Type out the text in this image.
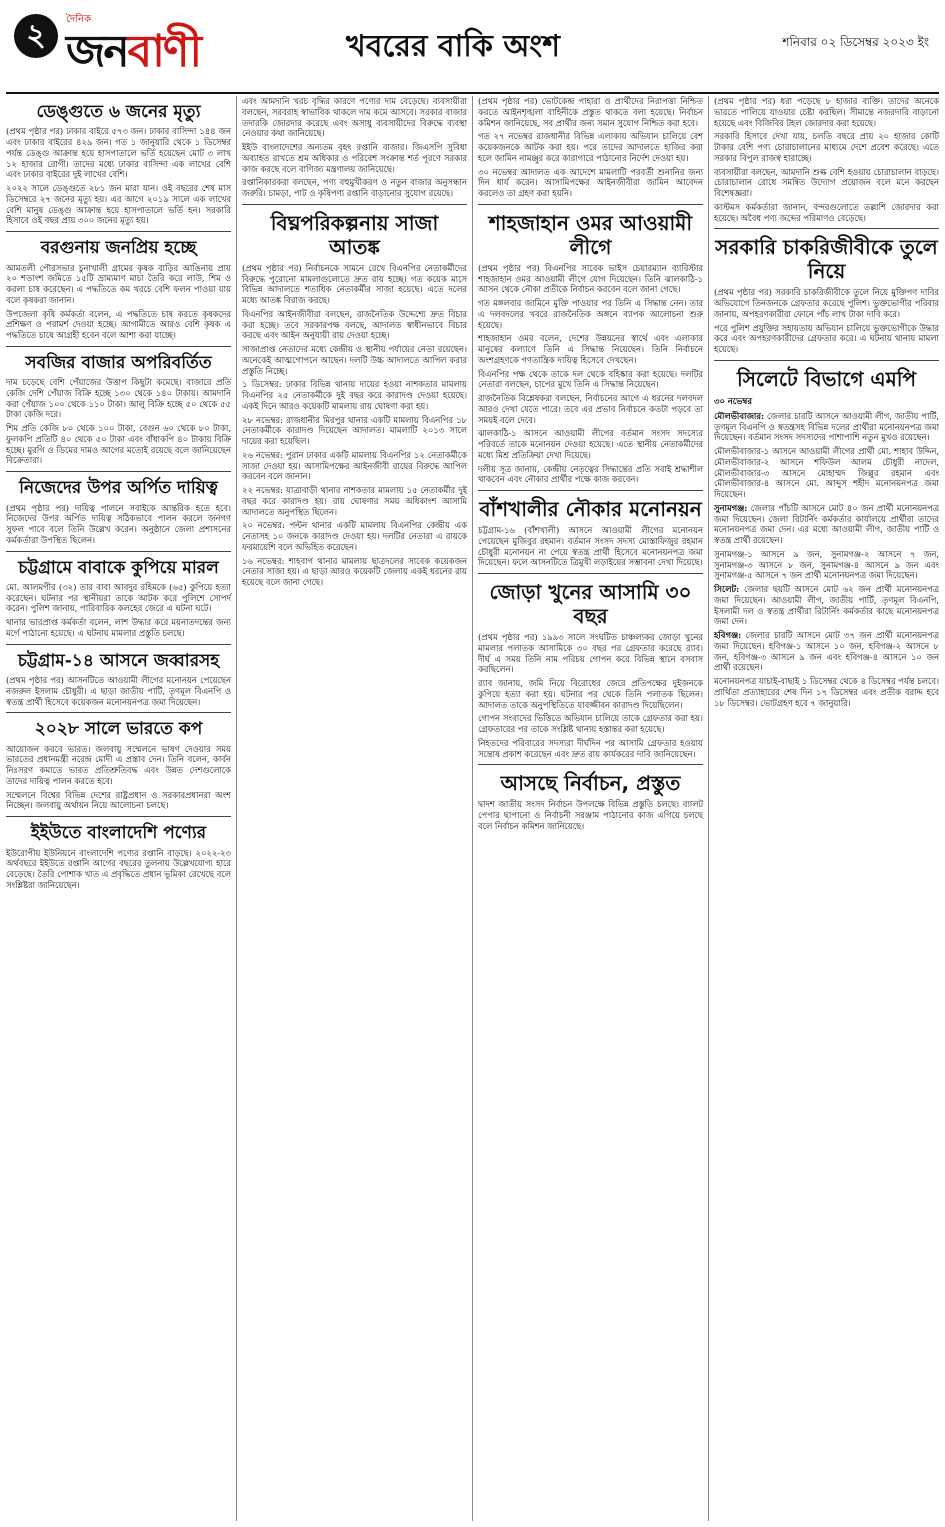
২	দৈনিক
জনবাণী	খবরের বাকি অংশ	শনিবার ০২ ডিসেম্বর ২০২৩ ইং
ডেঙ্গুতে ৬ জনের মৃত্যু

(প্রথম পৃষ্ঠার পর) ঢাকার বাইরে ৫৭৩ জন। ঢাকার বাসিন্দা ১৪৪ জন এবং ঢাকার বাইরের ৪২৯ জন। গত ১ জানুয়ারি থেকে ১ ডিসেম্বর পর্যন্ত ডেঙ্গু আক্রান্ত হয়ে হাসপাতালে ভর্তি হয়েছেন মোট ৩ লাখ ১২ হাজার রোগী। তাদের মধ্যে ঢাকার বাসিন্দা এক লাখের বেশি এবং ঢাকার বাইরের দুই লাখের বেশি।

২০২২ সালে ডেঙ্গুতে ২৮১ জন মারা যান। ওই বছরের শেষ মাস ডিসেম্বরে ২৭ জনের মৃত্যু হয়। এর আগে ২০১৯ সালে এক লাখের বেশি মানুষ ডেঙ্গু আক্রান্ত হয়ে হাসপাতালে ভর্তি হন। সরকারি হিসাবে ওই বছর প্রায় ৩০০ জনের মৃত্যু হয়।

বরগুনায় জনপ্রিয় হচ্ছে

আমতলী পৌরসভার চুনাখালী গ্রামের কৃষক বাড়ির আঙিনায় প্রায় ২০ শতাংশ জমিতে ১৫টি ভ্রাম্যমাণ মাচা তৈরি করে লাউ, শিম ও করলা চাষ করেছেন। এ পদ্ধতিতে কম খরচে বেশি ফলন পাওয়া যায় বলে কৃষকরা জানান।

উপজেলা কৃষি কর্মকর্তা বলেন, এ পদ্ধতিতে চাষ করতে কৃষকদের প্রশিক্ষণ ও পরামর্শ দেওয়া হচ্ছে। আগামীতে আরও বেশি কৃষক এ পদ্ধতিতে চাষে আগ্রহী হবেন বলে আশা করা যাচ্ছে।

সবজির বাজার অপরিবর্তিত

দাম চড়েছে বেশি পেঁয়াজের উত্তাপ কিছুটা কমেছে। বাজারে প্রতি কেজি দেশি পেঁয়াজ বিক্রি হচ্ছে ১৩০ থেকে ১৪০ টাকায়। আমদানি করা পেঁয়াজ ১০০ থেকে ১১০ টাকা। আলু বিক্রি হচ্ছে ৫০ থেকে ৫৫ টাকা কেজি দরে।

শিম প্রতি কেজি ৮০ থেকে ১০০ টাকা, বেগুন ৬০ থেকে ৮০ টাকা, ফুলকপি প্রতিটি ৪০ থেকে ৫০ টাকা এবং বাঁধাকপি ৪০ টাকায় বিক্রি হচ্ছে। মুরগি ও ডিমের দামও আগের মতোই রয়েছে বলে জানিয়েছেন বিক্রেতারা।

নিজেদের উপর অর্পিত দায়িত্ব

(প্রথম পৃষ্ঠার পর) দায়িত্ব পালনে সবাইকে আন্তরিক হতে হবে। নিজেদের উপর অর্পিত দায়িত্ব সঠিকভাবে পালন করলে জনগণ সুফল পাবে বলে তিনি উল্লেখ করেন। অনুষ্ঠানে জেলা প্রশাসনের কর্মকর্তারা উপস্থিত ছিলেন।

চট্টগ্রামে বাবাকে কুপিয়ে মারল

মো. আলমগীর (৩২) তার বাবা আবদুর রহিমকে (৬৫) কুপিয়ে হত্যা করেছেন। ঘটনার পর স্থানীয়রা তাকে আটক করে পুলিশে সোপর্দ করেন। পুলিশ জানায়, পারিবারিক কলহের জেরে এ ঘটনা ঘটে।

থানার ভারপ্রাপ্ত কর্মকর্তা বলেন, লাশ উদ্ধার করে ময়নাতদন্তের জন্য মর্গে পাঠানো হয়েছে। এ ঘটনায় মামলার প্রস্তুতি চলছে।

চট্টগ্রাম-১৪ আসনে জব্বারসহ

(প্রথম পৃষ্ঠার পর) আসনটিতে আওয়ামী লীগের মনোনয়ন পেয়েছেন নজরুল ইসলাম চৌধুরী। এ ছাড়া জাতীয় পার্টি, তৃণমূল বিএনপি ও স্বতন্ত্র প্রার্থী হিসেবে কয়েকজন মনোনয়নপত্র জমা দিয়েছেন।

২০২৮ সালে ভারতে কপ

আয়োজন করবে ভারত। জলবায়ু সম্মেলনে ভাষণ দেওয়ার সময় ভারতের প্রধানমন্ত্রী নরেন্দ্র মোদী এ প্রস্তাব দেন। তিনি বলেন, কার্বন নিঃসরণ কমাতে ভারত প্রতিশ্রুতিবদ্ধ এবং উন্নত দেশগুলোকে তাদের দায়িত্ব পালন করতে হবে।

সম্মেলনে বিশ্বের বিভিন্ন দেশের রাষ্ট্রপ্রধান ও সরকারপ্রধানরা অংশ নিচ্ছেন। জলবায়ু অর্থায়ন নিয়ে আলোচনা চলছে।

ইইউতে বাংলাদেশি পণ্যের

ইউরোপীয় ইউনিয়নে বাংলাদেশি পণ্যের রপ্তানি বাড়ছে। ২০২২-২৩ অর্থবছরে ইইউতে রপ্তানি আগের বছরের তুলনায় উল্লেখযোগ্য হারে বেড়েছে। তৈরি পোশাক খাত এ প্রবৃদ্ধিতে প্রধান ভূমিকা রেখেছে বলে সংশ্লিষ্টরা জানিয়েছেন।

এবং আমদানি খরচ বৃদ্ধির কারণে পণ্যের দাম বেড়েছে। ব্যবসায়ীরা বলছেন, সরবরাহ স্বাভাবিক থাকলে দাম কমে আসবে। সরকার বাজার তদারকি জোরদার করেছে এবং অসাধু ব্যবসায়ীদের বিরুদ্ধে ব্যবস্থা নেওয়ার কথা জানিয়েছে।

ইইউ বাংলাদেশের অন্যতম বৃহৎ রপ্তানি বাজার। জিএসপি সুবিধা অব্যাহত রাখতে শ্রম অধিকার ও পরিবেশ সংক্রান্ত শর্ত পূরণে সরকার কাজ করছে বলে বাণিজ্য মন্ত্রণালয় জানিয়েছে।

রপ্তানিকারকরা বলছেন, পণ্য বহুমুখীকরণ ও নতুন বাজার অনুসন্ধান জরুরি। চামড়া, পাট ও কৃষিপণ্য রপ্তানি বাড়ানোর সুযোগ রয়েছে।

বিঘ্নপরিকল্পনায় সাজা আতঙ্ক

(প্রথম পৃষ্ঠার পর) নির্বাচনকে সামনে রেখে বিএনপির নেতাকর্মীদের বিরুদ্ধে পুরোনো মামলাগুলোতে দ্রুত রায় হচ্ছে। গত কয়েক মাসে বিভিন্ন আদালতে শতাধিক নেতাকর্মীর সাজা হয়েছে। এতে দলের মধ্যে আতঙ্ক বিরাজ করছে।

বিএনপির আইনজীবীরা বলছেন, রাজনৈতিক উদ্দেশ্যে দ্রুত বিচার করা হচ্ছে। তবে সরকারপক্ষ বলছে, আদালত স্বাধীনভাবে বিচার করছে এবং আইন অনুযায়ী রায় দেওয়া হচ্ছে।

সাজাপ্রাপ্ত নেতাদের মধ্যে কেন্দ্রীয় ও স্থানীয় পর্যায়ের নেতা রয়েছেন। অনেকেই আত্মগোপনে আছেন। দলটি উচ্চ আদালতে আপিল করার প্রস্তুতি নিচ্ছে।

১ ডিসেম্বর: ঢাকার বিভিন্ন থানায় দায়ের হওয়া নাশকতার মামলায় বিএনপির ২৫ নেতাকর্মীকে দুই বছর করে কারাদণ্ড দেওয়া হয়েছে। একই দিনে আরও কয়েকটি মামলায় রায় ঘোষণা করা হয়।

২৮ নভেম্বর: রাজধানীর মিরপুর থানার একটি মামলায় বিএনপির ১৮ নেতাকর্মীকে কারাদণ্ড দিয়েছেন আদালত। মামলাটি ২০১৩ সালে দায়ের করা হয়েছিল।

২৬ নভেম্বর: পুরান ঢাকার একটি মামলায় বিএনপির ১২ নেতাকর্মীকে সাজা দেওয়া হয়। আসামিপক্ষের আইনজীবী রায়ের বিরুদ্ধে আপিল করবেন বলে জানান।

২২ নভেম্বর: যাত্রাবাড়ী থানার নাশকতার মামলায় ১৫ নেতাকর্মীর দুই বছর করে কারাদণ্ড হয়। রায় ঘোষণার সময় অধিকাংশ আসামি আদালতে অনুপস্থিত ছিলেন।

২০ নভেম্বর: পল্টন থানার একটি মামলায় বিএনপির কেন্দ্রীয় এক নেতাসহ ১০ জনকে কারাদণ্ড দেওয়া হয়। দলটির নেতারা এ রায়কে ফরমায়েশি বলে অভিহিত করেছেন।

১৬ নভেম্বর: শাহবাগ থানার মামলায় ছাত্রদলের সাবেক কয়েকজন নেতার সাজা হয়। এ ছাড়া আরও কয়েকটি জেলায় একই ধরনের রায় হয়েছে বলে জানা গেছে।

(প্রথম পৃষ্ঠার পর) ভোটকেন্দ্র পাহারা ও প্রার্থীদের নিরাপত্তা নিশ্চিত করতে আইনশৃঙ্খলা বাহিনীকে প্রস্তুত থাকতে বলা হয়েছে। নির্বাচন কমিশন জানিয়েছে, সব প্রার্থীর জন্য সমান সুযোগ নিশ্চিত করা হবে।

গত ২৭ নভেম্বর রাজধানীর বিভিন্ন এলাকায় অভিযান চালিয়ে বেশ কয়েকজনকে আটক করা হয়। পরে তাদের আদালতে হাজির করা হলে জামিন নামঞ্জুর করে কারাগারে পাঠানোর নির্দেশ দেওয়া হয়।

৩০ নভেম্বর আদালত এক আদেশে মামলাটি পরবর্তী শুনানির জন্য দিন ধার্য করেন। আসামিপক্ষের আইনজীবীরা জামিন আবেদন করলেও তা গ্রহণ করা হয়নি।

শাহজাহান ওমর আওয়ামী লীগে

(প্রথম পৃষ্ঠার পর) বিএনপির সাবেক ভাইস চেয়ারম্যান ব্যারিস্টার শাহজাহান ওমর আওয়ামী লীগে যোগ দিয়েছেন। তিনি ঝালকাঠি-১ আসন থেকে নৌকা প্রতীকে নির্বাচন করবেন বলে জানা গেছে।

গত মঙ্গলবার জামিনে মুক্তি পাওয়ার পর তিনি এ সিদ্ধান্ত নেন। তার এ দলবদলের খবরে রাজনৈতিক অঙ্গনে ব্যাপক আলোচনা শুরু হয়েছে।

শাহজাহান ওমর বলেন, দেশের উন্নয়নের স্বার্থে এবং এলাকার মানুষের কল্যাণে তিনি এ সিদ্ধান্ত নিয়েছেন। তিনি নির্বাচনে অংশগ্রহণকে গণতান্ত্রিক দায়িত্ব হিসেবে দেখছেন।

বিএনপির পক্ষ থেকে তাকে দল থেকে বহিষ্কার করা হয়েছে। দলটির নেতারা বলছেন, চাপের মুখে তিনি এ সিদ্ধান্ত নিয়েছেন।

রাজনৈতিক বিশ্লেষকরা বলছেন, নির্বাচনের আগে এ ধরনের দলবদল আরও দেখা যেতে পারে। তবে এর প্রভাব নির্বাচনে কতটা পড়বে তা সময়ই বলে দেবে।

ঝালকাঠি-১ আসনে আওয়ামী লীগের বর্তমান সংসদ সদস্যের পরিবর্তে তাকে মনোনয়ন দেওয়া হয়েছে। এতে স্থানীয় নেতাকর্মীদের মধ্যে মিশ্র প্রতিক্রিয়া দেখা দিয়েছে।

দলীয় সূত্র জানায়, কেন্দ্রীয় নেতৃত্বের সিদ্ধান্তের প্রতি সবাই শ্রদ্ধাশীল থাকবেন এবং নৌকার প্রার্থীর পক্ষে কাজ করবেন।

বাঁশখালীর নৌকার মনোনয়ন

চট্টগ্রাম-১৬ (বাঁশখালী) আসনে আওয়ামী লীগের মনোনয়ন পেয়েছেন মুজিবুর রহমান। বর্তমান সংসদ সদস্য মোস্তাফিজুর রহমান চৌধুরী মনোনয়ন না পেয়ে স্বতন্ত্র প্রার্থী হিসেবে মনোনয়নপত্র জমা দিয়েছেন। ফলে আসনটিতে ত্রিমুখী লড়াইয়ের সম্ভাবনা দেখা দিয়েছে।

জোড়া খুনের আসামি ৩০ বছর

(প্রথম পৃষ্ঠার পর) ১৯৯৩ সালে সংঘটিত চাঞ্চল্যকর জোড়া খুনের মামলার পলাতক আসামিকে ৩০ বছর পর গ্রেফতার করেছে র‌্যাব। দীর্ঘ এ সময় তিনি নাম পরিচয় গোপন করে বিভিন্ন স্থানে বসবাস করছিলেন।

র‌্যাব জানায়, জমি নিয়ে বিরোধের জেরে প্রতিপক্ষের দুইজনকে কুপিয়ে হত্যা করা হয়। ঘটনার পর থেকে তিনি পলাতক ছিলেন। আদালত তাকে অনুপস্থিতিতে যাবজ্জীবন কারাদণ্ড দিয়েছিলেন।

গোপন সংবাদের ভিত্তিতে অভিযান চালিয়ে তাকে গ্রেফতার করা হয়। গ্রেফতারের পর তাকে সংশ্লিষ্ট থানায় হস্তান্তর করা হয়েছে।

নিহতদের পরিবারের সদস্যরা দীর্ঘদিন পর আসামি গ্রেফতার হওয়ায় সন্তোষ প্রকাশ করেছেন এবং দ্রুত রায় কার্যকরের দাবি জানিয়েছেন।

আসছে নির্বাচন, প্রস্তুত

দ্বাদশ জাতীয় সংসদ নির্বাচন উপলক্ষে বিভিন্ন প্রস্তুতি চলছে। ব্যালট পেপার ছাপানো ও নির্বাচনী সরঞ্জাম পাঠানোর কাজ এগিয়ে চলছে বলে নির্বাচন কমিশন জানিয়েছে।

(প্রথম পৃষ্ঠার পর) ধরা পড়েছে ৮ হাজার ব্যক্তি। তাদের অনেকে ভারতে পালিয়ে যাওয়ার চেষ্টা করছিল। সীমান্তে নজরদারি বাড়ানো হয়েছে এবং বিজিবির টহল জোরদার করা হয়েছে।

সরকারি হিসাবে দেখা যায়, চলতি বছরে প্রায় ২০ হাজার কোটি টাকার বেশি পণ্য চোরাচালানের মাধ্যমে দেশে প্রবেশ করেছে। এতে সরকার বিপুল রাজস্ব হারাচ্ছে।

ব্যবসায়ীরা বলছেন, আমদানি শুল্ক বেশি হওয়ায় চোরাচালান বাড়ছে। চোরাচালান রোধে সমন্বিত উদ্যোগ প্রয়োজন বলে মনে করছেন বিশেষজ্ঞরা।

কাস্টমস কর্মকর্তারা জানান, বন্দরগুলোতে তল্লাশি জোরদার করা হয়েছে। অবৈধ পণ্য জব্দের পরিমাণও বেড়েছে।

সরকারি চাকরিজীবীকে তুলে নিয়ে

(প্রথম পৃষ্ঠার পর) সরকারি চাকরিজীবীকে তুলে নিয়ে মুক্তিপণ দাবির অভিযোগে তিনজনকে গ্রেফতার করেছে পুলিশ। ভুক্তভোগীর পরিবার জানায়, অপহরণকারীরা ফোনে পাঁচ লাখ টাকা দাবি করে।

পরে পুলিশ প্রযুক্তির সহায়তায় অভিযান চালিয়ে ভুক্তভোগীকে উদ্ধার করে এবং অপহরণকারীদের গ্রেফতার করে। এ ঘটনায় থানায় মামলা হয়েছে।

সিলেটে বিভাগে এমপি
৩০ নভেম্বর

মৌলভীবাজার: জেলার চারটি আসনে আওয়ামী লীগ, জাতীয় পার্টি, তৃণমূল বিএনপি ও স্বতন্ত্রসহ বিভিন্ন দলের প্রার্থীরা মনোনয়নপত্র জমা দিয়েছেন। বর্তমান সংসদ সদস্যদের পাশাপাশি নতুন মুখও রয়েছেন।

মৌলভীবাজার-১ আসনে আওয়ামী লীগের প্রার্থী মো. শাহাব উদ্দিন, মৌলভীবাজার-২ আসনে শফিউল আলম চৌধুরী নাদেল, মৌলভীবাজার-৩ আসনে মোহাম্মদ জিল্লুর রহমান এবং মৌলভীবাজার-৪ আসনে মো. আব্দুস শহীদ মনোনয়নপত্র জমা দিয়েছেন।

সুনামগঞ্জ: জেলার পাঁচটি আসনে মোট ৪০ জন প্রার্থী মনোনয়নপত্র জমা দিয়েছেন। জেলা রিটার্নিং কর্মকর্তার কার্যালয়ে প্রার্থীরা তাদের মনোনয়নপত্র জমা দেন। এর মধ্যে আওয়ামী লীগ, জাতীয় পার্টি ও স্বতন্ত্র প্রার্থী রয়েছেন।

সুনামগঞ্জ-১ আসনে ৯ জন, সুনামগঞ্জ-২ আসনে ৭ জন, সুনামগঞ্জ-৩ আসনে ৮ জন, সুনামগঞ্জ-৪ আসনে ৯ জন এবং সুনামগঞ্জ-৫ আসনে ৭ জন প্রার্থী মনোনয়নপত্র জমা দিয়েছেন।

সিলেট: জেলার ছয়টি আসনে মোট ৬২ জন প্রার্থী মনোনয়নপত্র জমা দিয়েছেন। আওয়ামী লীগ, জাতীয় পার্টি, তৃণমূল বিএনপি, ইসলামী দল ও স্বতন্ত্র প্রার্থীরা রিটার্নিং কর্মকর্তার কাছে মনোনয়নপত্র জমা দেন।

হবিগঞ্জ: জেলার চারটি আসনে মোট ৩৭ জন প্রার্থী মনোনয়নপত্র জমা দিয়েছেন। হবিগঞ্জ-১ আসনে ১০ জন, হবিগঞ্জ-২ আসনে ৮ জন, হবিগঞ্জ-৩ আসনে ৯ জন এবং হবিগঞ্জ-৪ আসনে ১০ জন প্রার্থী রয়েছেন।

মনোনয়নপত্র যাচাই-বাছাই ১ ডিসেম্বর থেকে ৪ ডিসেম্বর পর্যন্ত চলবে। প্রার্থিতা প্রত্যাহারের শেষ দিন ১৭ ডিসেম্বর এবং প্রতীক বরাদ্দ হবে ১৮ ডিসেম্বর। ভোটগ্রহণ হবে ৭ জানুয়ারি।
